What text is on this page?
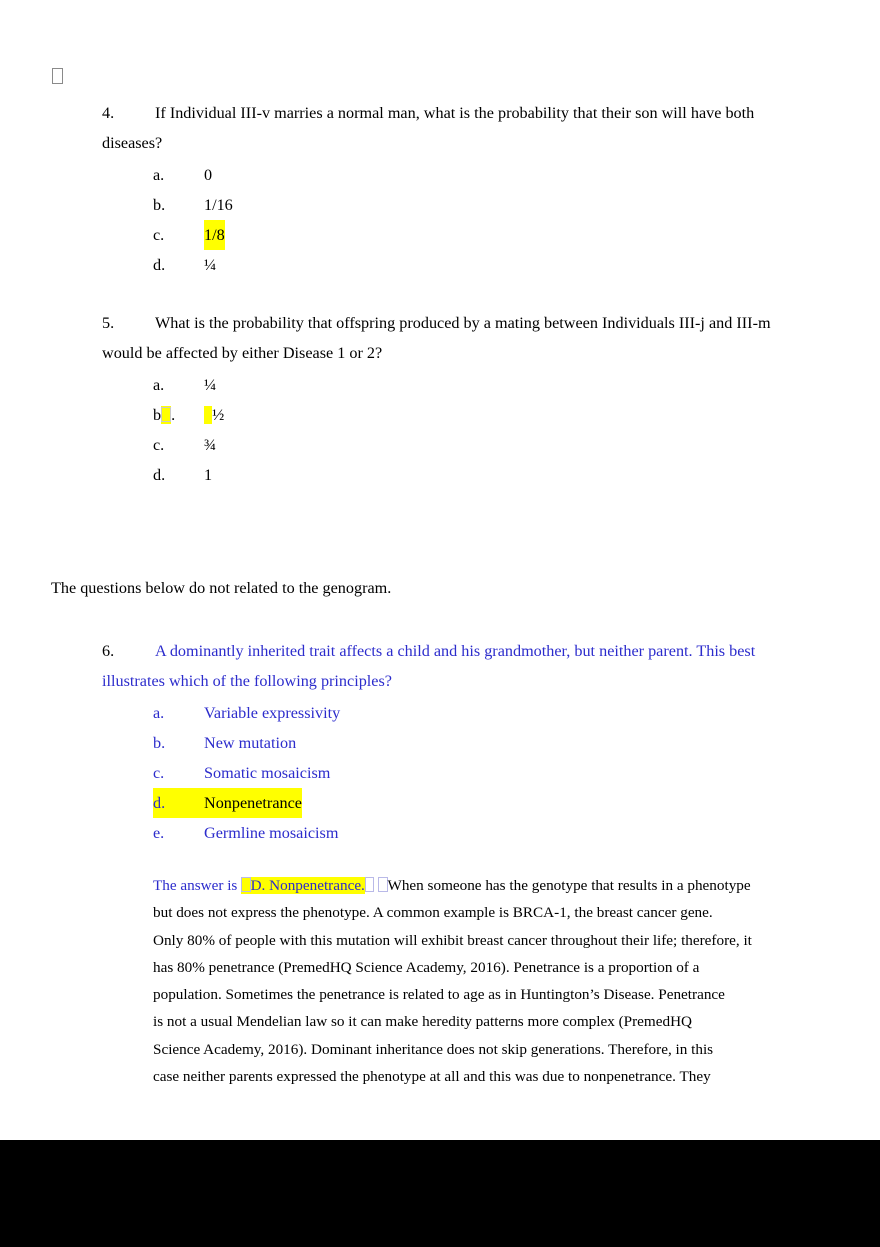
4.	If Individual III-v marries a normal man, what is the probability that their son will have both
diseases?
a. 0
b. 1/16
c. 1/8
d. ¼
5.	What is the probability that offspring produced by a mating between Individuals III-j and III-m
would be affected by either Disease 1 or 2?
a. ¼
b . ½
c. ¾
d. 1
The questions below do not related to the genogram.
6.	A dominantly inherited trait affects a child and his grandmother, but neither parent. This best
illustrates which of the following principles?
a. Variable expressivity
b. New mutation
c. Somatic mosaicism
d. Nonpenetrance
e. Germline mosaicism

The answer is D. Nonpenetrance. When someone has the genotype that results in a phenotype

but does not express the phenotype. A common example is BRCA-1, the breast cancer gene.

Only 80% of people with this mutation will exhibit breast cancer throughout their life; therefore, it

has 80% penetrance (PremedHQ Science Academy, 2016). Penetrance is a proportion of a

population. Sometimes the penetrance is related to age as in Huntington’s Disease. Penetrance

is not a usual Mendelian law so it can make heredity patterns more complex (PremedHQ

Science Academy, 2016). Dominant inheritance does not skip generations. Therefore, in this

case neither parents expressed the phenotype at all and this was due to nonpenetrance. They
